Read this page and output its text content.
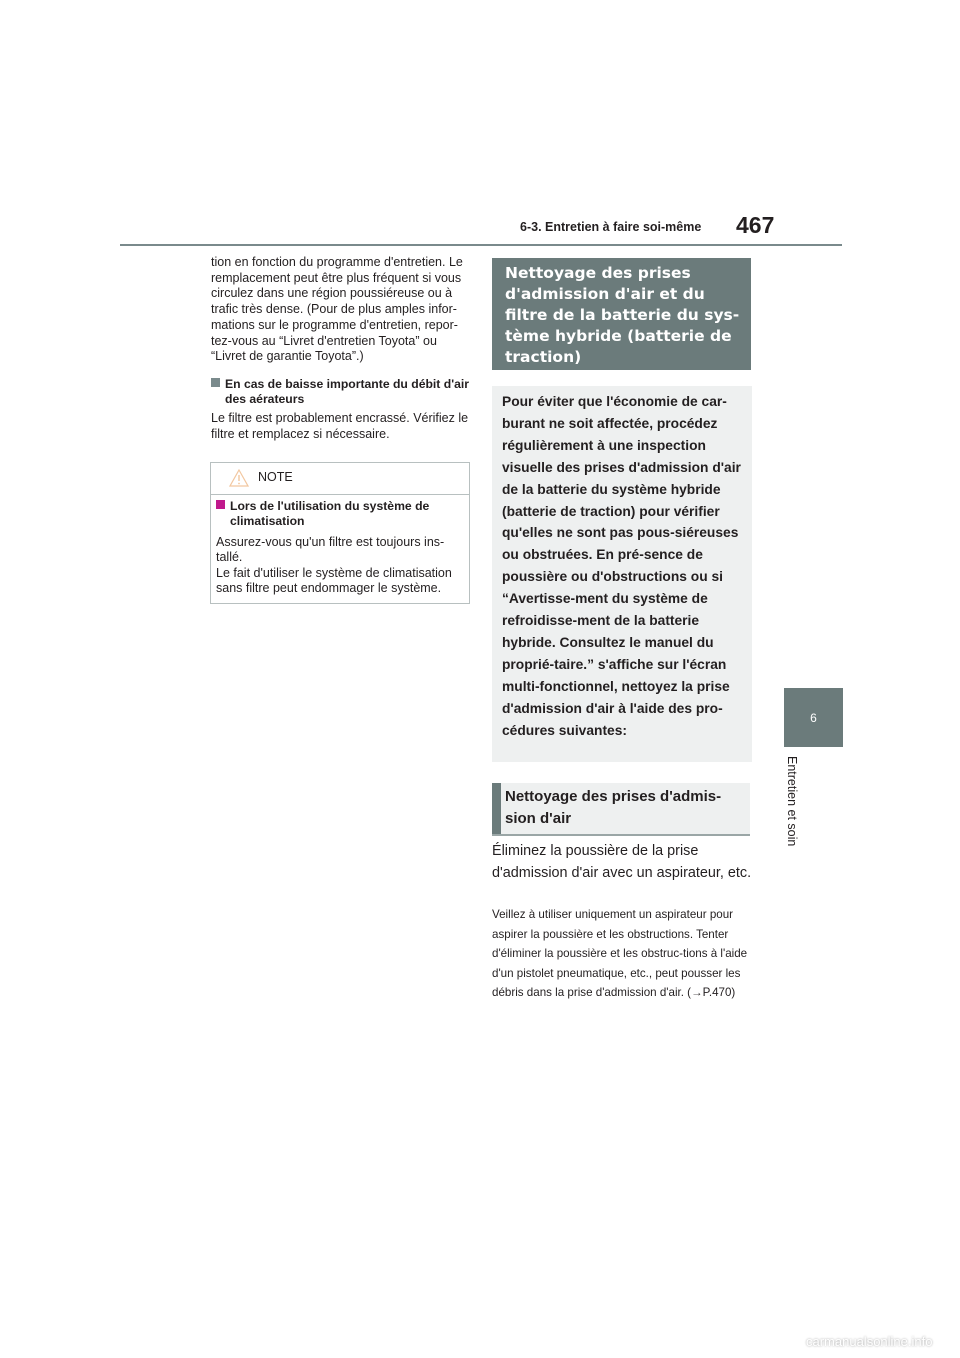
467
6-3. Entretien à faire soi-même
6
Entretien et soin
tion en fonction du programme d'entretien. Le remplacement peut être plus fréquent si vous circulez dans une région poussiéreuse ou à trafic très dense. (Pour de plus amples infor-mations sur le programme d'entretien, repor-tez-vous au “Livret d'entretien Toyota” ou “Livret de garantie Toyota”.)
En cas de baisse importante du débit d'air des aérateurs
Le filtre est probablement encrassé. Vérifiez le filtre et remplacez si nécessaire.
NOTE
Lors de l'utilisation du système de climatisation
Assurez-vous qu'un filtre est toujours ins-tallé.
Le fait d'utiliser le système de climatisation sans filtre peut endommager le système.
Nettoyage des prises d'admission d'air et du filtre de la batterie du sys-tème hybride (batterie de traction)
Pour éviter que l'économie de car-burant ne soit affectée, procédez régulièrement à une inspection visuelle des prises d'admission d'air de la batterie du système hybride (batterie de traction) pour vérifier qu'elles ne sont pas pous-siéreuses ou obstruées. En pré-sence de poussière ou d'obstructions ou si “Avertisse-ment du système de refroidisse-ment de la batterie hybride. Consultez le manuel du proprié-taire.” s'affiche sur l'écran multi-fonctionnel, nettoyez la prise d'admission d'air à l'aide des pro-cédures suivantes:
Nettoyage des prises d'admis-sion d'air
Éliminez la poussière de la prise d'admission d'air avec un aspirateur, etc.
Veillez à utiliser uniquement un aspirateur pour aspirer la poussière et les obstructions. Tenter d'éliminer la poussière et les obstruc-tions à l'aide d'un pistolet pneumatique, etc., peut pousser les débris dans la prise d'admission d'air. (→P.470)
carmanualsonline.info
